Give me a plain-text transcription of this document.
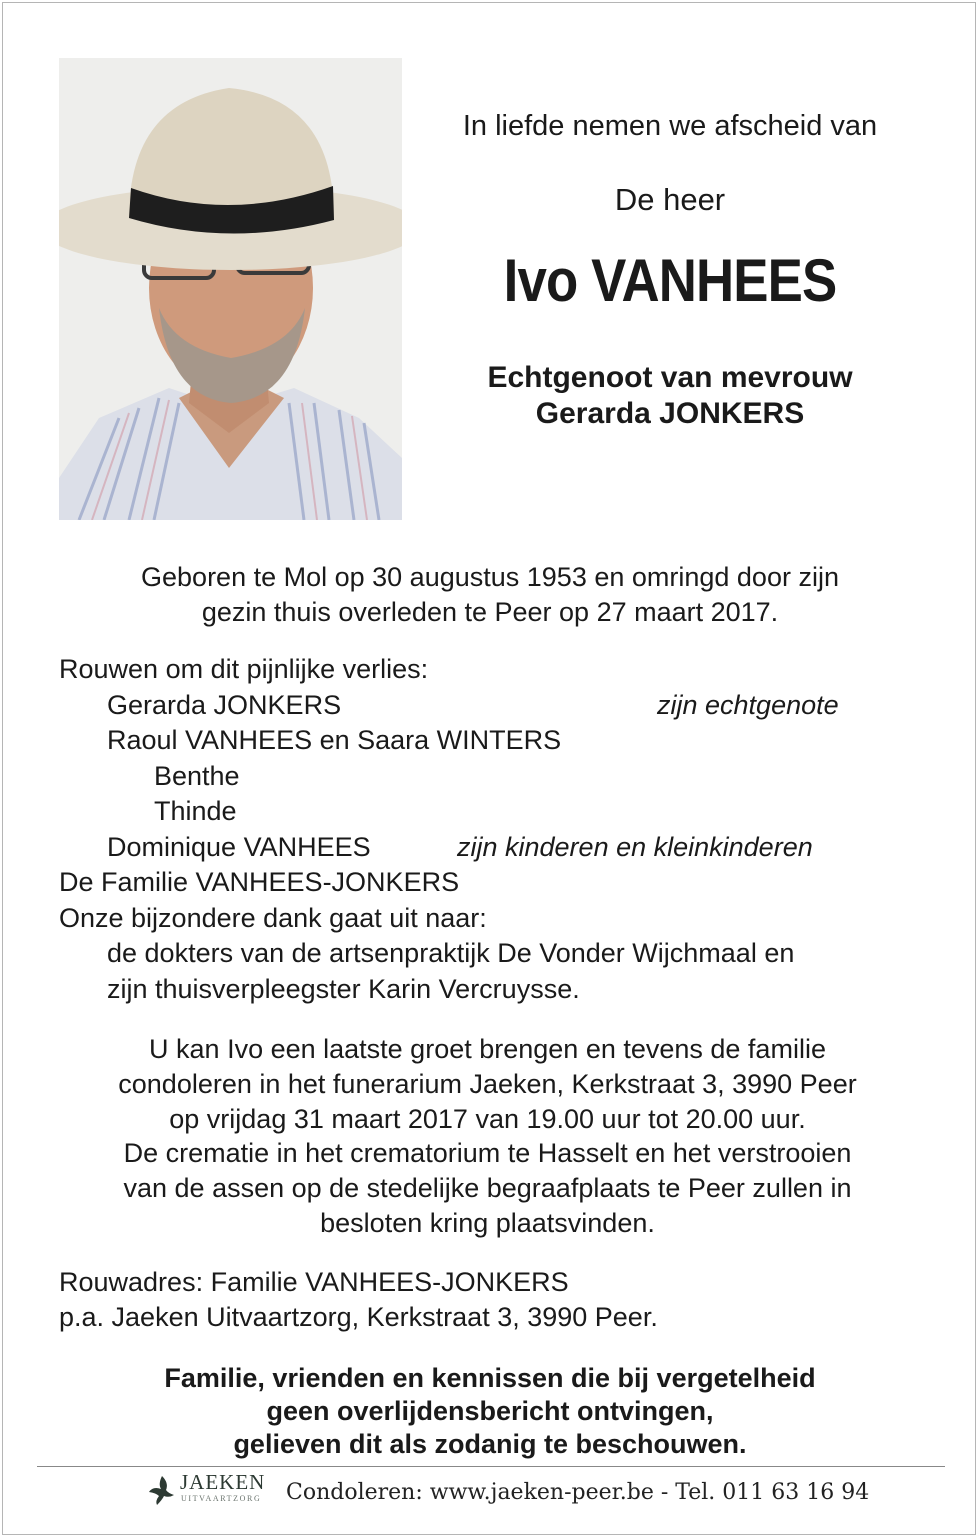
In liefde nemen we afscheid van
De heer
Ivo VANHEES
Echtgenoot van mevrouw
Gerarda JONKERS
Geboren te Mol op 30 augustus 1953 en omringd door zijn
gezin thuis overleden te Peer op 27 maart 2017.
Rouwen om dit pijnlijke verlies:
Gerarda JONKERS	zijn echtgenote
Raoul VANHEES en Saara WINTERS
Benthe
Thinde
Dominique VANHEES	zijn kinderen en kleinkinderen
De Familie VANHEES-JONKERS
Onze bijzondere dank gaat uit naar:
de dokters van de artsenpraktijk De Vonder Wijchmaal en
zijn thuisverpleegster Karin Vercruysse.
U kan Ivo een laatste groet brengen en tevens de familie
condoleren in het funerarium Jaeken, Kerkstraat 3, 3990 Peer
op vrijdag 31 maart 2017 van 19.00 uur tot 20.00 uur.
De crematie in het crematorium te Hasselt en het verstrooien
van de assen op de stedelijke begraafplaats te Peer zullen in
besloten kring plaatsvinden.
Rouwadres: Familie VANHEES-JONKERS
p.a. Jaeken Uitvaartzorg, Kerkstraat 3, 3990 Peer.
Familie, vrienden en kennissen die bij vergetelheid
geen overlijdensbericht ontvingen,
gelieven dit als zodanig te beschouwen.
JAEKEN
UITVAARTZORG Condoleren: www.jaeken-peer.be - Tel. 011 63 16 94
